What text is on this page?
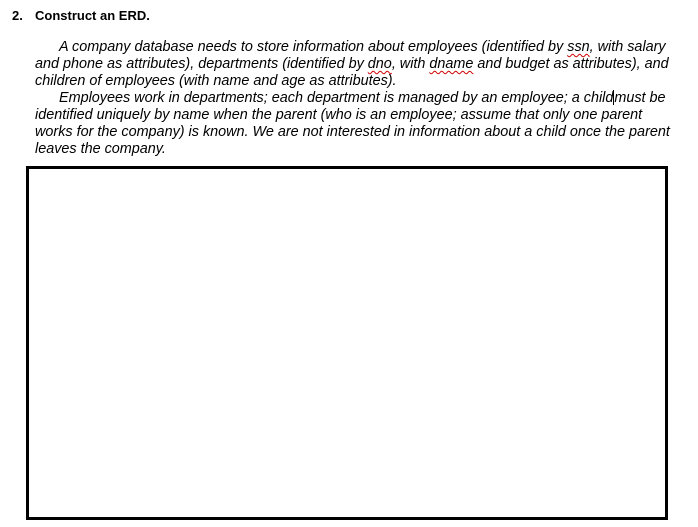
2. Construct an ERD.

A company database needs to store information about employees (identified by ssn, with salary and phone as attributes), departments (identified by dno, with dname and budget as attributes), and children of employees (with name and age as attributes).

Employees work in departments; each department is managed by an employee; a childmust be identified uniquely by name when the parent (who is an employee; assume that only one parent works for the company) is known. We are not interested in information about a child once the parent leaves the company.
